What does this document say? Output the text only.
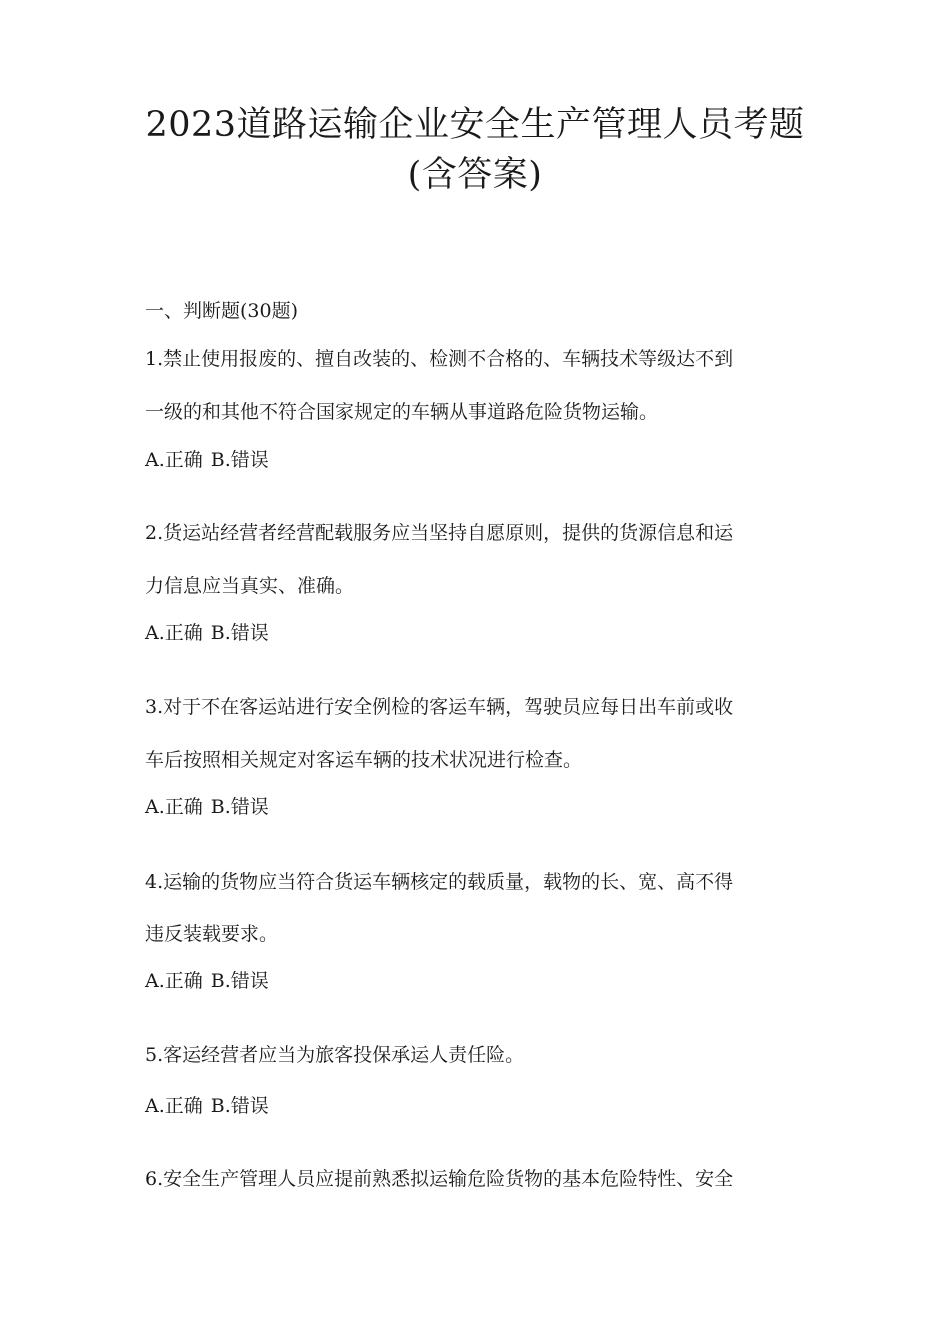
2023道路运输企业安全生产管理人员考题
(含答案)
一、判断题(30题)
1.禁止使用报废的、擅自改装的、检测不合格的、车辆技术等级达不到
一级的和其他不符合国家规定的车辆从事道路危险货物运输。
A.正确 B.错误
2.货运站经营者经营配载服务应当坚持自愿原则，提供的货源信息和运
力信息应当真实、准确。
A.正确 B.错误
3.对于不在客运站进行安全例检的客运车辆，驾驶员应每日出车前或收
车后按照相关规定对客运车辆的技术状况进行检查。
A.正确 B.错误
4.运输的货物应当符合货运车辆核定的载质量，载物的长、宽、高不得
违反装载要求。
A.正确 B.错误
5.客运经营者应当为旅客投保承运人责任险。
A.正确 B.错误
6.安全生产管理人员应提前熟悉拟运输危险货物的基本危险特性、安全
